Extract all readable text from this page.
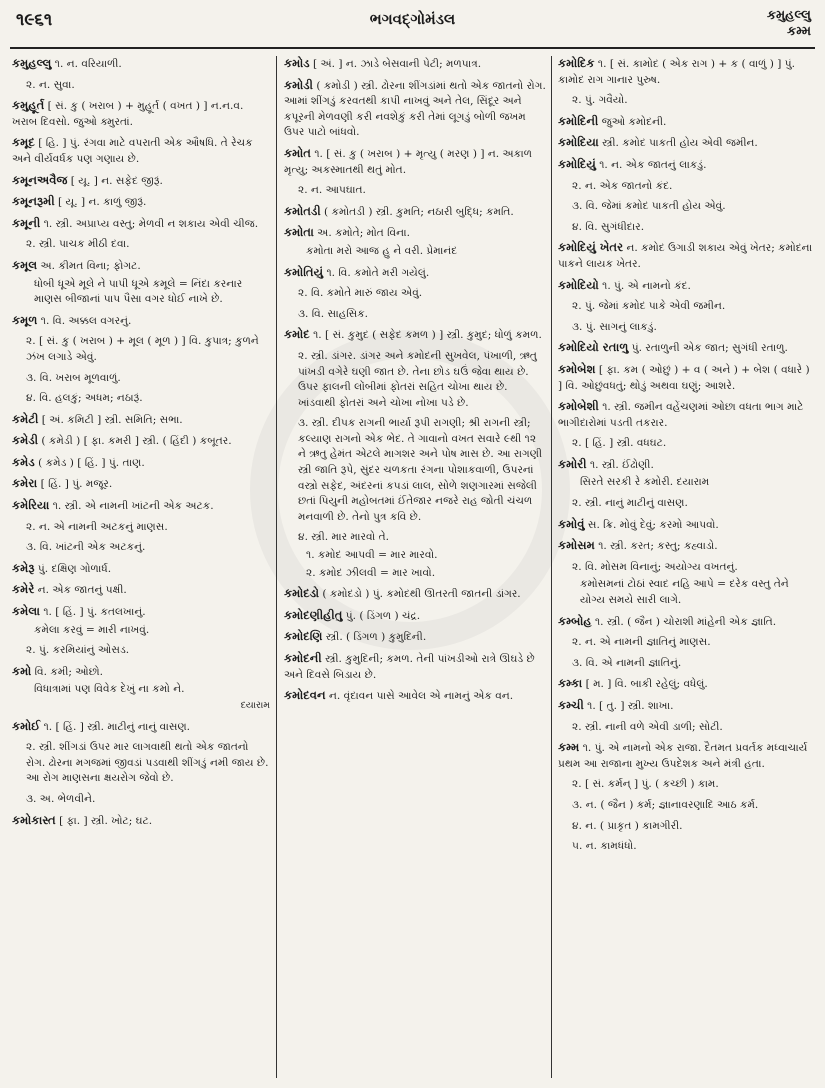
૧૯૬૧	ભગવદ્ગોમંડલ	કમુહલ્લુ
કમ્મ
કમુહલ્લુ ૧. ન. વરિયાળી.
૨. ન. સુવા.
કમુહૂર્ત [ સં. કુ ( ખરાબ ) + મુહૂર્ત ( વખત ) ] ન.ન.વ. ખરાબ દિવસો. જુઓ ક્મુરતાં.
કમૂદ [ હિ. ] પું. રંગવા માટે વપરાતી એક ઔષધિ. તે રેચક અને વીર્યવર્ધક પણ ગણાય છે.
કમૂનઅવૈજ [ યૂ. ] ન. સફેદ જીરૂં.
કમૂનરૂમી [ યૂ. ] ન. કાળું જીરૂં.
કમૂની ૧. સ્ત્રી. અપ્રાપ્ય વસ્તુ; મેળવી ન શકાય એવી ચીજ.
૨. સ્ત્રી. પાચક મીઠી દવા.
કમૂલ અ. કીમત વિના; ફોગટ.
ધોબી ધૂએ મૂલે ને પાપી ધૂએ કમૂલે = નિંદા કરનાર માણસ બીજાનાં પાપ પૈસા વગર ધોઈ નાખે છે.
કમૂળ ૧. વિ. અક્કલ વગરનું.
૨. [ સં. કુ ( ખરાબ ) + મૂલ ( મૂળ ) ] વિ. કુપાત્ર; કુળને ઝંખ લગાડે એવું.
૩. વિ. ખરાબ મૂળવાળું.
૪. વિ. હલકું; અધમ; નઠારૂં.
કમેટી [ અં. કમિટી ] સ્ત્રી. સમિતિ; સભા.
કમેડી ( કમેડી ) [ ફા. કમરી ] સ્ત્રી. ( હિંદી ) કબૂતર.
કમેડ ( કમેડ ) [ હિં. ] પું. તાણ.
કમેરા [ હિં. ] પું. મજૂર.
કમેરિયા ૧. સ્ત્રી. એ નામની ખાંટની એક અટક.
૨. ન. એ નામની અટકનું માણસ.
૩. વિ. ખાંટની એક અટકનું.
કમેરૂ પું. દક્ષિણ ગોળાર્ધ.
કમેરે ન. એક જાતનું પક્ષી.
કમેલા ૧. [ હિં. ] પું. કતલખાનું.
કમેલા કરવું = મારી નાખવું.
૨. પું. કરમિયાંનું ઓસડ.
કમો વિ. કમી; ઓછો.
વિધાત્રામાં પણ વિવેક દેખું ના કમો ને.
દયારામ
કમોઈ ૧. [ હિં. ] સ્ત્રી. માટીનું નાનું વાસણ.
૨. સ્ત્રી. શીંગડાં ઉપર માર લાગવાથી થતો એક જાતનો રોગ. ઢોરના મગજમાં જીવડાં પડવાથી શીંગડું નમી જાય છે. આ રોગ માણસના ક્ષયરોગ જેવો છે.
૩. અ. ભેળવીને.
કમોકાસ્ત [ ફા. ] સ્ત્રી. ખોટ; ઘટ.
કમોડ [ અં. ] ન. ઝાડે બેસવાની પેટી; મળપાત્ર.
કમોડી ( કમોડી ) સ્ત્રી. ઢોરના શીંગડાંમાં થતો એક જાતનો રોગ. આમાં શીંગડું કરવતથી કાપી નાખવું અને તેલ, સિંદૂર અને કપૂરની મેળવણી કરી નવશેકું કરી તેમાં લૂગડું બોળી જખમ ઉપર પાટો બાંધવો.
કમોત ૧. [ સં. કુ ( ખરાબ ) + મૃત્યુ ( મરણ ) ] ન. અકાળ મૃત્યુ; અકસ્માતથી થતું મોત.
૨. ન. આપઘાત.
કમોતડી ( કમોતડી ) સ્ત્રી. કુમતિ; નઠારી બુદ્ધિ; કમતિ.
કમોતા અ. કમોતે; મોત વિના.
કમોતા મરો આજ હુ ને વરી. પ્રેમાનંદ
કમોતિયું ૧. વિ. કમોતે મરી ગયેલું.
૨. વિ. કમોતે મારું જાય એવું.
૩. વિ. સાહસિક.
કમોદ ૧. [ સં. કુમુદ ( સફેદ કમળ ) ] સ્ત્રી. કુમુદ; ધોળું કમળ.
૨. સ્ત્રી. ડાંગર. ડાંગર અને કમોદની સુખવેલ, પંખાળી, ઋતુ પાંખડી વગેરે ઘણી જાત છે. તેના છોડ ઘઉં જેવા થાય છે. ઉપર ફાલની લોંબીમાં ફોતરાં સહિત ચોખા થાય છે. ખાંડવાથી ફોતરાં અને ચોખા નોખા પડે છે.
૩. સ્ત્રી. દીપક રાગની ભાર્યા રૂપી રાગણી; શ્રી રાગની સ્ત્રી; કલ્યાણ રાગનો એક ભેદ. તે ગાવાનો વખત સવારે ૯થી ૧૨ ને ઋતુ હેમંત એટલે માગશર અને પોષ માસ છે. આ રાગણી સ્ત્રી જાતિ રૂપે, સુંદર ચળકતા રંગના પોશાકવાળી, ઉપરનાં વસ્ત્રો સફેદ, અંદરનાં કપડાં લાલ, સોળે શણગારમાં સજેલી છતાં પિયુની મહોબતમાં ઈંતેજાર નજરે રાહ જોતી ચંચળ મનવાળી છે. તેનો પુત્ર કવિ છે.
૪. સ્ત્રી. માર મારવો તે.
૧. કમોદ આપવી = માર મારવો.
૨. કમોદ ઝીલવી = માર ખાવો.
કમોદડો ( કમોદડો ) પું. કમોદથી ઊતરતી જાતની ડાંગર.
કમોદણીહીતુ પું. ( ડિંગળ ) ચંદ્ર.
કમોદણિ સ્ત્રી. ( ડિંગળ ) કુમુદિની.
કમોદની સ્ત્રી. કુમુદિની; કમળ. તેની પાંખડીઓ રાત્રે ઊઘડે છે અને દિવસે બિડાય છે.
કમોદવન ન. વૃંદાવન પાસે આવેલ એ નામનું એક વન.
કમોદિક ૧. [ સં. કામોદ ( એક રાગ ) + ક ( વાળું ) ] પું. કામોદ રાગ ગાનાર પુરુષ.
૨. પું. ગવૈયો.
કમોદિની જુઓ કમોદની.
કમોદિયા સ્ત્રી. કમોદ પાકતી હોય એવી જમીન.
કમોદિયું ૧. ન. એક જાતનું લાકડું.
૨. ન. એક જાતનો કંદ.
૩. વિ. જેમાં કમોદ પાકતી હોય એવું.
૪. વિ. સુગંધીદાર.
કમોદિયું ખેતર ન. કમોદ ઉગાડી શકાય એવું ખેતર; કમોદના પાકને લાયક ખેતર.
કમોદિયો ૧. પું. એ નામનો કંદ.
૨. પું. જેમાં કમોદ પાકે એવી જમીન.
૩. પું. સાગનું લાકડું.
કમોદિયો રતાળુ પું. રતાળુની એક જાત; સુગંધી રતાળુ.
કમોબેશ [ ફા. કમ ( ઓછું ) + વ ( અને ) + બેશ ( વધારે ) ] વિ. ઓછુંવધતું; થોડું અથવા ઘણું; આશરે.
કમોબેશી ૧. સ્ત્રી. જમીન વહેંચણમાં ઓછા વધતા ભાગ માટે ભાગીદારોમાં પડતી તકરાર.
૨. [ હિં. ] સ્ત્રી. વધઘટ.
કમોરી ૧. સ્ત્રી. ઈંઢોણી.
સિરતે સરકી રે કમોરી. દયારામ
૨. સ્ત્રી. નાનું માટીનું વાસણ.
કમોવું સ. ક્રિ. મોવું દેવું; કરમો આપવો.
કમોસમ ૧. સ્ત્રી. કરત; કસ્તુ; કહ્વાડો.
૨. વિ. મોસમ વિનાનું; અયોગ્ય વખતનું.
કમોસમનાં ટોઠાં સ્વાદ નહિ આપે = દરેક વસ્તુ તેને યોગ્ય સમયે સારી લાગે.
કમ્બોહ ૧. સ્ત્રી. ( જૈન ) ચોરાશી માંહેની એક જ્ઞાતિ.
૨. ન. એ નામની જ્ઞાતિનું માણસ.
૩. વિ. એ નામની જ્ઞાતિનું.
કમ્કા [ મ. ] વિ. બાકી રહેલું; વધેલું.
કમ્ચી ૧. [ તુ. ] સ્ત્રી. શાખા.
૨. સ્ત્રી. નાની વળે એવી ડાળી; સોટી.
કમ્મ ૧. પું. એ નામનો એક રાજા. દૈતમત પ્રવર્તક મધ્વાચાર્ય પ્રથમ આ રાજાના મુખ્ય ઉપદેશક અને મંત્રી હતા.
૨. [ સં. કર્મન્ ] પું. ( કચ્છી ) કામ.
૩. ન. ( જૈન ) કર્મ; જ્ઞાનાવરણાદિ આઠ કર્મ.
૪. ન. ( પ્રાકૃત ) કામગીરી.
૫. ન. કામધંધો.
